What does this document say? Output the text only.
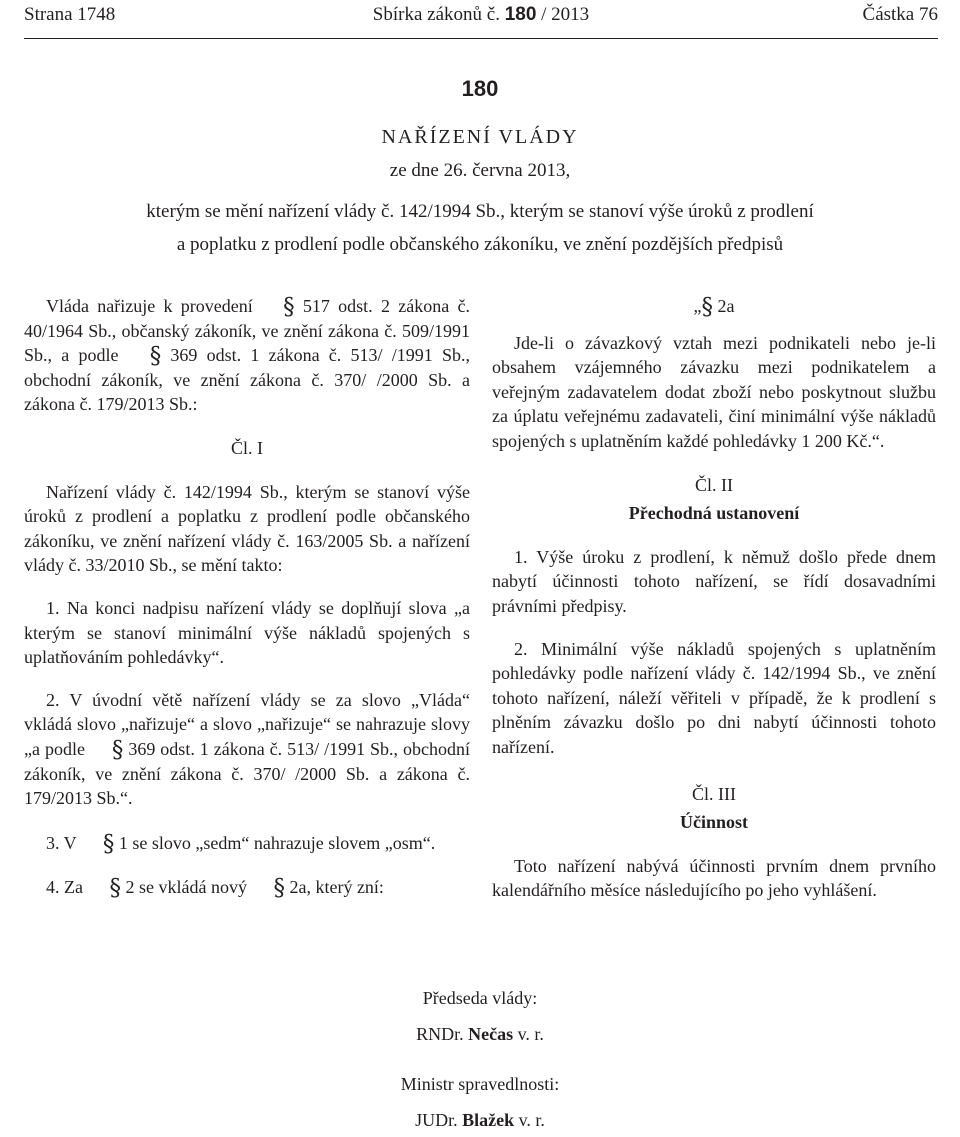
Strana 1748	Sbírka zákonů č. 180 / 2013	Částka 76
180
NAŘÍZENÍ VLÁDY
ze dne 26. června 2013,
kterým se mění nařízení vlády č. 142/1994 Sb., kterým se stanoví výše úroků z prodlení
a poplatku z prodlení podle občanského zákoníku, ve znění pozdějších předpisů

Vláda nařizuje k provedení § 517 odst. 2 zákona č. 40/1964 Sb., občanský zákoník, ve znění zákona č. 509/1991 Sb., a podle § 369 odst. 1 zákona č. 513/ /1991 Sb., obchodní zákoník, ve znění zákona č. 370/ /2000 Sb. a zákona č. 179/2013 Sb.:

Čl. I

Nařízení vlády č. 142/1994 Sb., kterým se stanoví výše úroků z prodlení a poplatku z prodlení podle občanského zákoníku, ve znění nařízení vlády č. 163/2005 Sb. a nařízení vlády č. 33/2010 Sb., se mění takto:

1. Na konci nadpisu nařízení vlády se doplňují slova „a kterým se stanoví minimální výše nákladů spojených s uplatňováním pohledávky“.

2. V úvodní větě nařízení vlády se za slovo „Vláda“ vkládá slovo „nařizuje“ a slovo „nařizuje“ se nahrazuje slovy „a podle § 369 odst. 1 zákona č. 513/ /1991 Sb., obchodní zákoník, ve znění zákona č. 370/ /2000 Sb. a zákona č. 179/2013 Sb.“.

3. V § 1 se slovo „sedm“ nahrazuje slovem „osm“.

4. Za § 2 se vkládá nový § 2a, který zní:

„§ 2a

Jde-li o závazkový vztah mezi podnikateli nebo je-li obsahem vzájemného závazku mezi podnikatelem a veřejným zadavatelem dodat zboží nebo poskytnout službu za úplatu veřejnému zadavateli, činí minimální výše nákladů spojených s uplatněním každé pohledávky 1 200 Kč.“.

Čl. II

Přechodná ustanovení

1. Výše úroku z prodlení, k němuž došlo přede dnem nabytí účinnosti tohoto nařízení, se řídí dosavadními právními předpisy.

2. Minimální výše nákladů spojených s uplatněním pohledávky podle nařízení vlády č. 142/1994 Sb., ve znění tohoto nařízení, náleží věřiteli v případě, že k prodlení s plněním závazku došlo po dni nabytí účinnosti tohoto nařízení.

Čl. III

Účinnost

Toto nařízení nabývá účinnosti prvním dnem prvního kalendářního měsíce následujícího po jeho vyhlášení.

Předseda vlády:
RNDr. Nečas v. r.
Ministr spravedlnosti:
JUDr. Blažek v. r.
